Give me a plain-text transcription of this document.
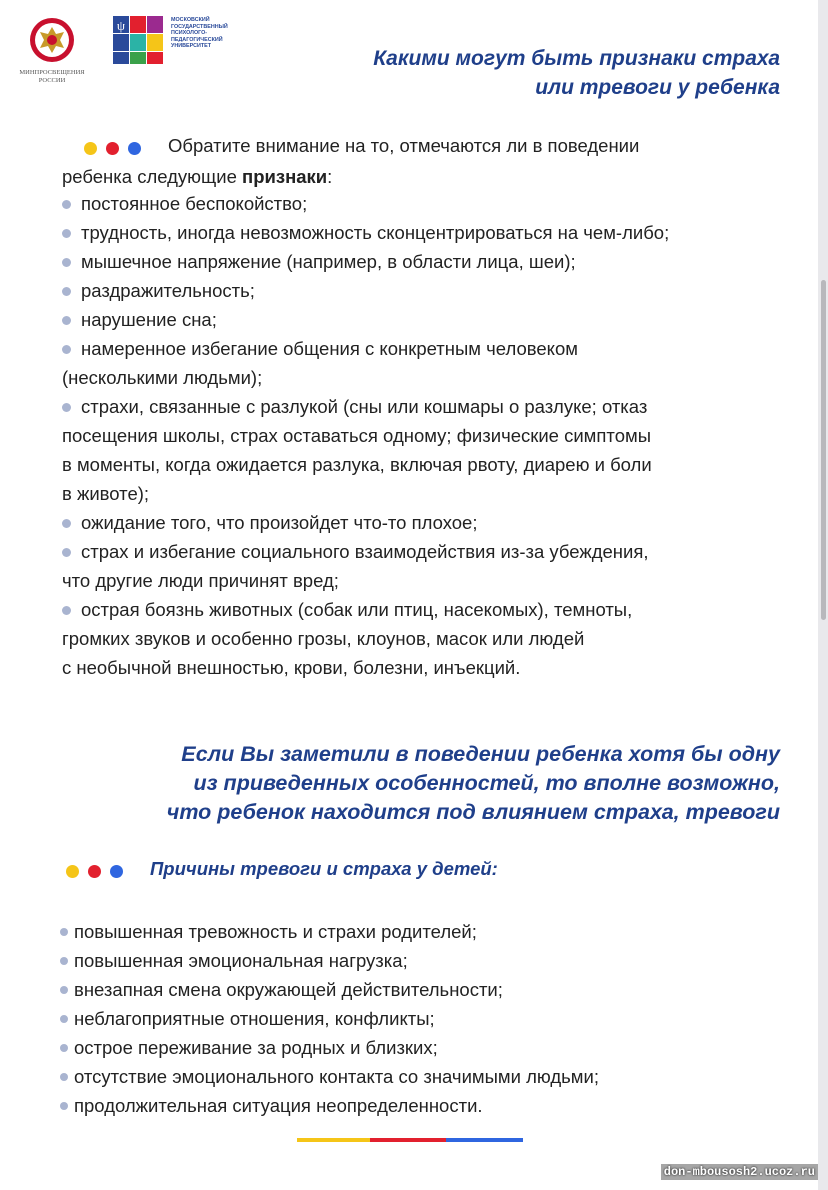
МИНПРОСВЕЩЕНИЯ
РОССИИ
ψ	МОСКОВСКИЙ
ГОСУДАРСТВЕННЫЙ
ПСИХОЛОГО-
ПЕДАГОГИЧЕСКИЙ
УНИВЕРСИТЕТ
Какими могут быть признаки страха
или тревоги у ребенка
Обратите внимание на то, отмечаются ли в поведении
ребенка следующие признаки:
постоянное беспокойство;
трудность, иногда невозможность сконцентрироваться на чем-либо;
мышечное напряжение (например, в области лица, шеи);
раздражительность;
нарушение сна;
намеренное избегание общения с конкретным человеком
(несколькими людьми);
страхи, связанные с разлукой (сны или кошмары о разлуке; отказ
посещения школы, страх оставаться одному; физические симптомы
в моменты, когда ожидается разлука, включая рвоту, диарею и боли
в животе);
ожидание того, что произойдет что-то плохое;
страх и избегание социального взаимодействия из-за убеждения,
что другие люди причинят вред;
острая боязнь животных (собак или птиц, насекомых), темноты,
громких звуков и особенно грозы, клоунов, масок или людей
с необычной внешностью, крови, болезни, инъекций.
Если Вы заметили в поведении ребенка хотя бы одну
из приведенных особенностей, то вполне возможно,
что ребенок находится под влиянием страха, тревоги
Причины тревоги и страха у детей:
повышенная тревожность и страхи родителей;
повышенная эмоциональная нагрузка;
внезапная смена окружающей действительности;
неблагоприятные отношения, конфликты;
острое переживание за родных и близких;
отсутствие эмоционального контакта со значимыми людьми;
продолжительная ситуация неопределенности.
don-mbousosh2.ucoz.ru
